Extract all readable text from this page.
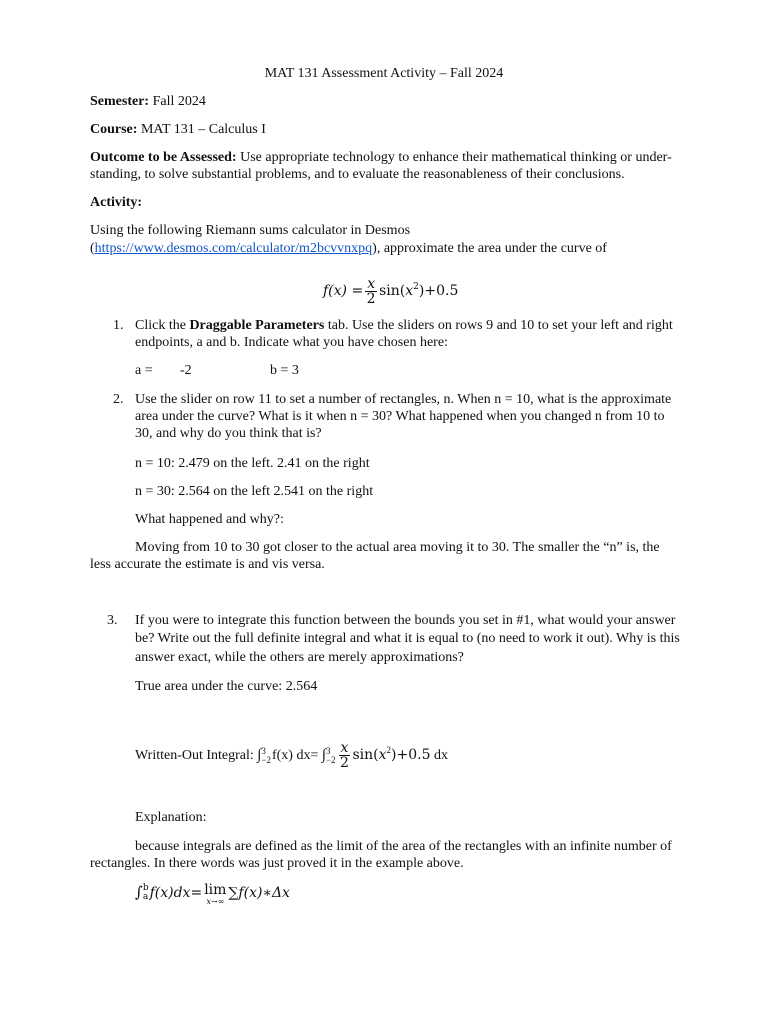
MAT 131 Assessment Activity – Fall 2024
Semester: Fall 2024
Course: MAT 131 – Calculus I
Outcome to be Assessed: Use appropriate technology to enhance their mathematical thinking or under-
standing, to solve substantial problems, and to evaluate the reasonableness of their conclusions.
Activity:
Using the following Riemann sums calculator in Desmos
(https://www.desmos.com/calculator/m2bcvvnxpq), approximate the area under the curve of
$f(x) = \frac{x}{2} \sin(x^2)+0.5$
1. Click the Draggable Parameters tab. Use the sliders on rows 9 and 10 to set your left and right
endpoints, a and b. Indicate what you have chosen here:
a = -2	b = 3
2. Use the slider on row 11 to set a number of rectangles, n. When n = 10, what is the approximate
area under the curve? What is it when n = 30? What happened when you changed n from 10 to
30, and why do you think that is?
n = 10: 2.479 on the left. 2.41 on the right
n = 30: 2.564 on the left 2.541 on the right
What happened and why?:
Moving from 10 to 30 got closer to the actual area moving it to 30. The smaller the “n” is, the
less accurate the estimate is and vis versa.
3. If you were to integrate this function between the bounds you set in #1, what would your answer
be? Write out the full definite integral and what it is equal to (no need to work it out). Why is this
answer exact, while the others are merely approximations?
True area under the curve: 2.564
Written-Out Integral: ∫ 3
−2 f(x) dx= ∫ 3
$-2 \frac{x}{2} \sin(x^2)+0.5$ dx
Explanation:
because integrals are defined as the limit of the area of the rectangles with an infinite number of
rectangles. In there words was just proved it in the example above.
∫ b
a f(x)dx= lim
x→∞
∑f(x)∗Δx
